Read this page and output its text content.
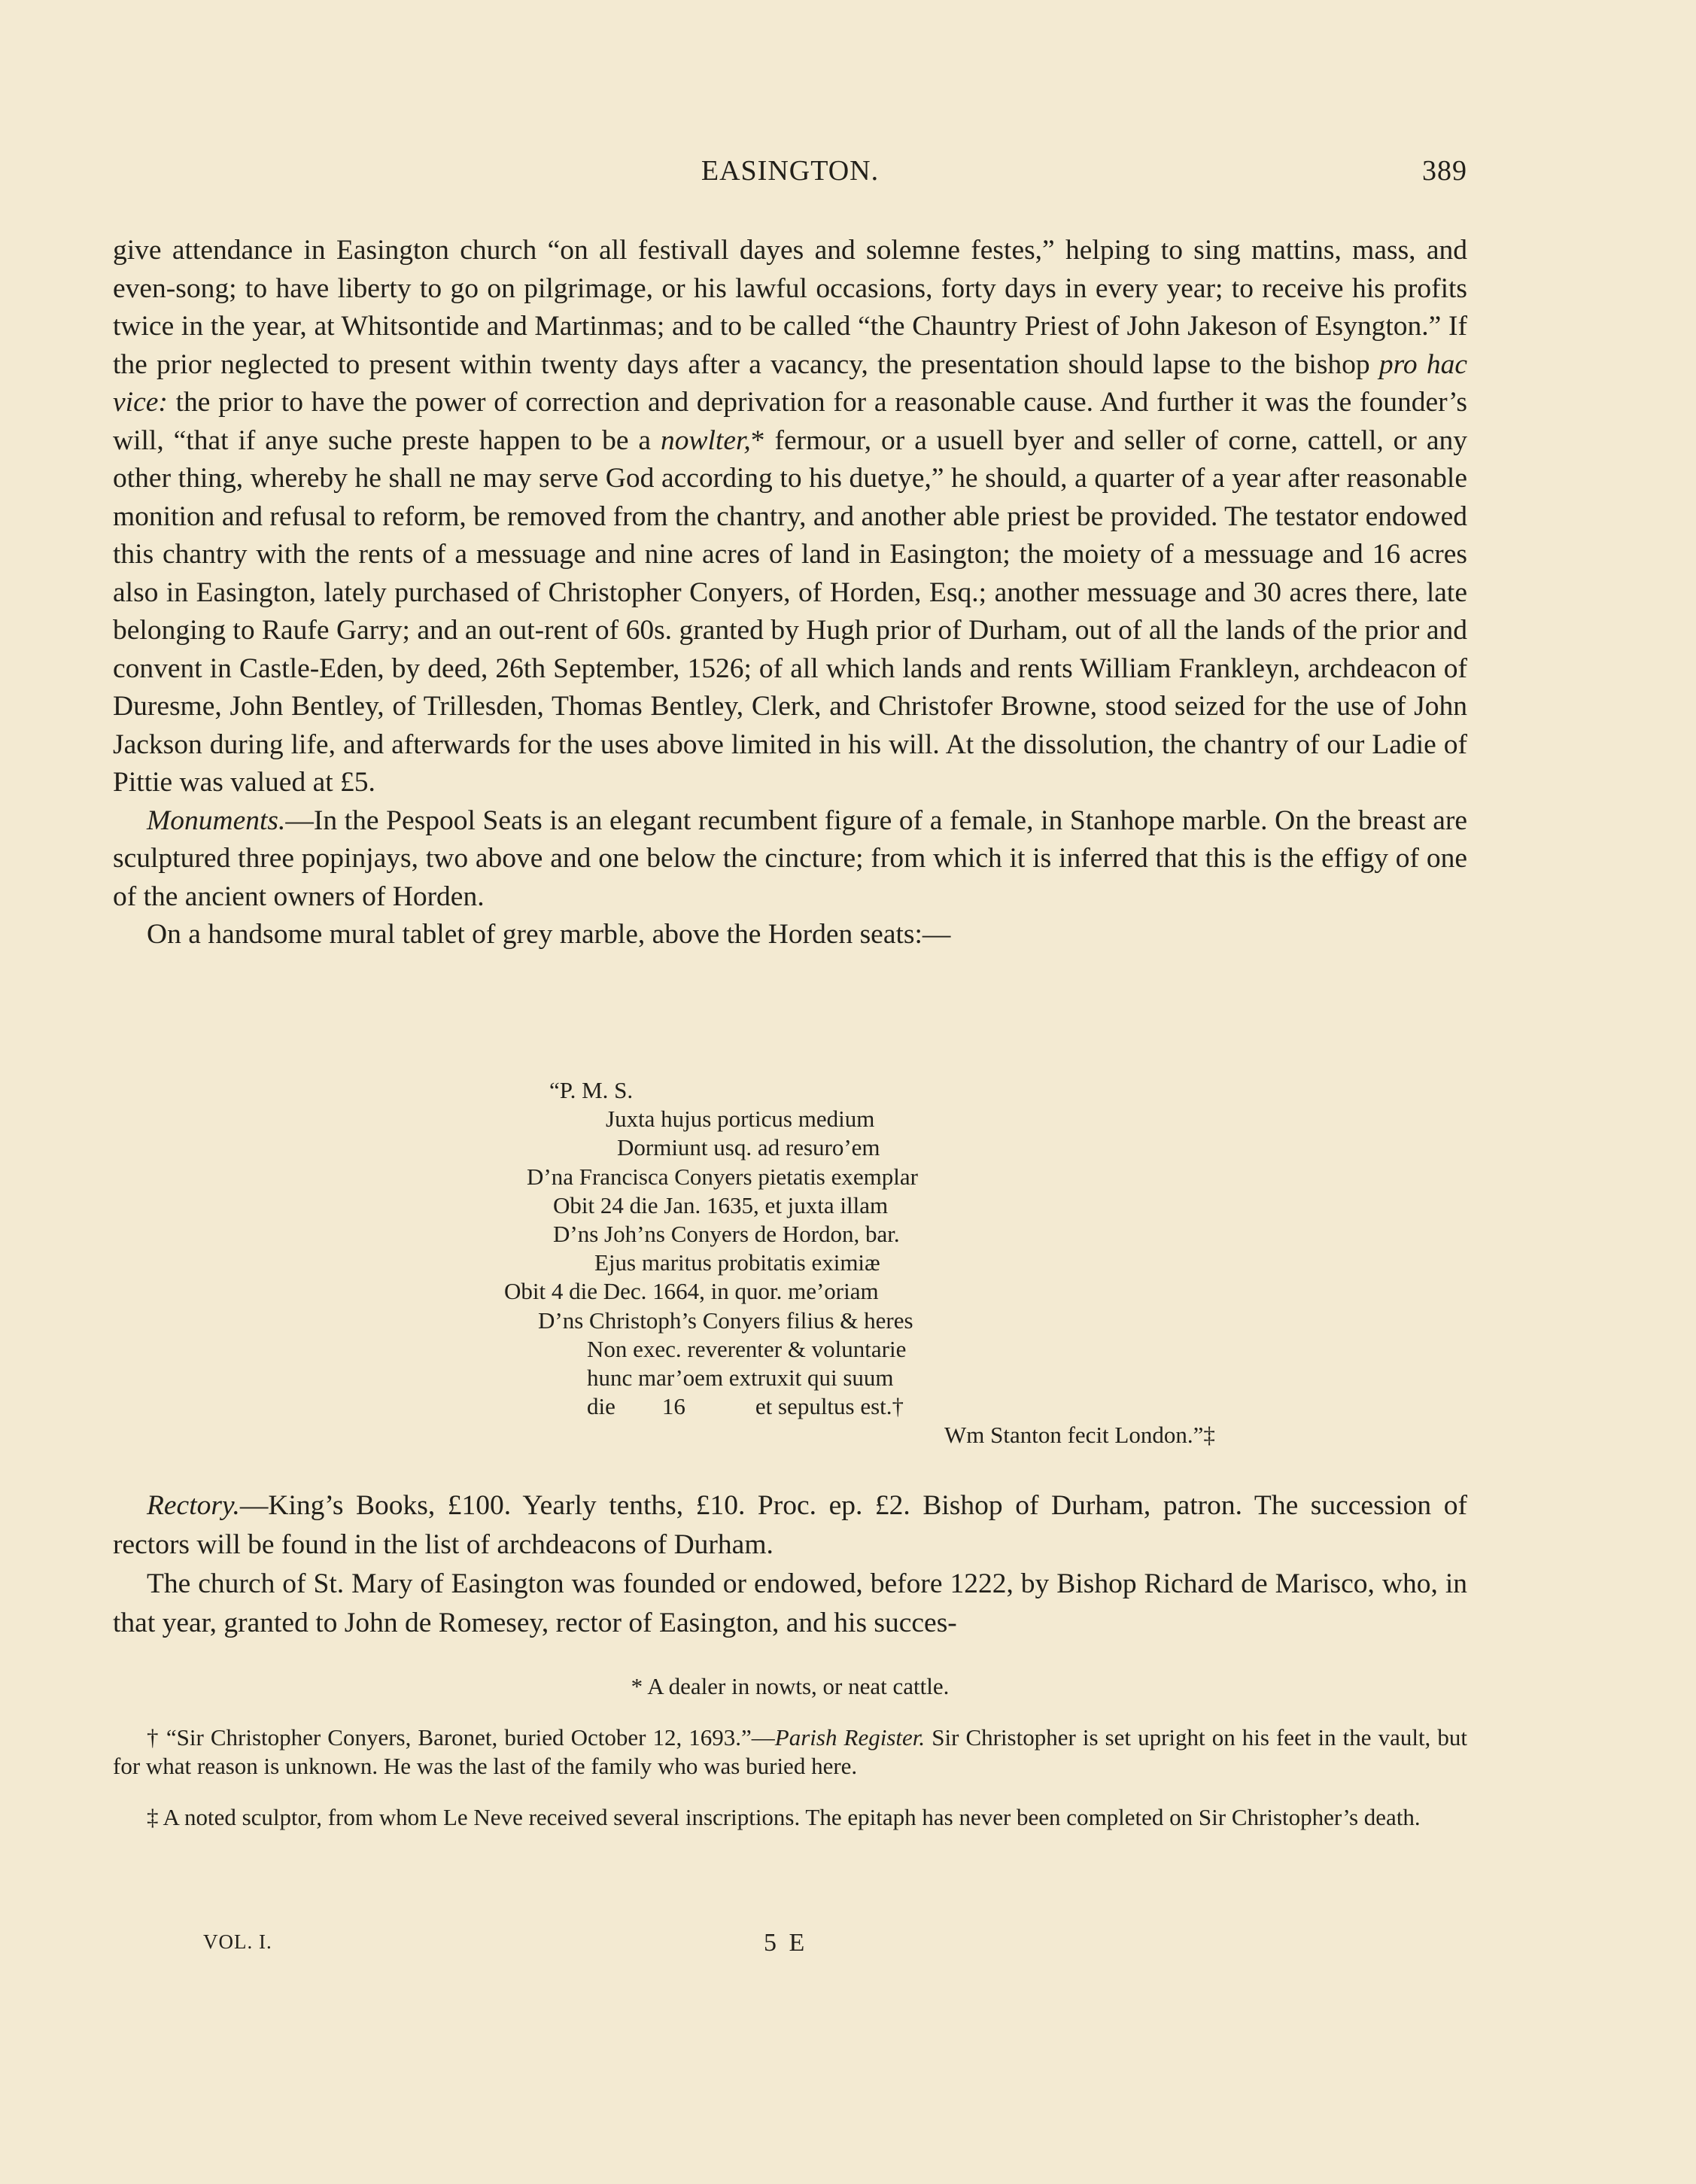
EASINGTON.	389

give attendance in Easington church “on all festivall dayes and solemne festes,” helping to sing mattins, mass, and even-song; to have liberty to go on pilgrimage, or his lawful occasions, forty days in every year; to receive his profits twice in the year, at Whitsontide and Martinmas; and to be called “the Chauntry Priest of John Jakeson of Esyngton.” If the prior neglected to present within twenty days after a vacancy, the presentation should lapse to the bishop pro hac vice: the prior to have the power of correction and deprivation for a reasonable cause. And further it was the founder’s will, “that if anye suche preste happen to be a nowlter,* fermour, or a usuell byer and seller of corne, cattell, or any other thing, whereby he shall ne may serve God according to his duetye,” he should, a quarter of a year after reasonable monition and refusal to reform, be removed from the chantry, and another able priest be provided. The testator endowed this chantry with the rents of a messuage and nine acres of land in Easington; the moiety of a messuage and 16 acres also in Easington, lately purchased of Christopher Conyers, of Horden, Esq.; another messuage and 30 acres there, late belonging to Raufe Garry; and an out-rent of 60s. granted by Hugh prior of Durham, out of all the lands of the prior and convent in Castle-Eden, by deed, 26th September, 1526; of all which lands and rents William Frankleyn, archdeacon of Duresme, John Bentley, of Trillesden, Thomas Bentley, Clerk, and Christofer Browne, stood seized for the use of John Jackson during life, and afterwards for the uses above limited in his will. At the dissolution, the chantry of our Ladie of Pittie was valued at £5.

Monuments.—In the Pespool Seats is an elegant recumbent figure of a female, in Stanhope marble. On the breast are sculptured three popinjays, two above and one below the cincture; from which it is inferred that this is the effigy of one of the ancient owners of Horden.

On a handsome mural tablet of grey marble, above the Horden seats:—

“P. M. S.
Juxta hujus porticus medium
Dormiunt usq. ad resuro’em
D’na Francisca Conyers pietatis exemplar
Obit 24 die Jan. 1635, et juxta illam
D’ns Joh’ns Conyers de Hordon, bar.
Ejus maritus probitatis eximiæ
Obit 4 die Dec. 1664, in quor. me’oriam
D’ns Christoph’s Conyers filius & heres
Non exec. reverenter & voluntarie
hunc mar’oem extruxit qui suum
die        16            et sepultus est.†
Wm Stanton fecit London.”‡

Rectory.—King’s Books, £100. Yearly tenths, £10. Proc. ep. £2. Bishop of Durham, patron. The succession of rectors will be found in the list of archdeacons of Durham.

The church of St. Mary of Easington was founded or endowed, before 1222, by Bishop Richard de Marisco, who, in that year, granted to John de Romesey, rector of Easington, and his succes-

* A dealer in nowts, or neat cattle.

† “Sir Christopher Conyers, Baronet, buried October 12, 1693.”—Parish Register. Sir Christopher is set upright on his feet in the vault, but for what reason is unknown. He was the last of the family who was buried here.

‡ A noted sculptor, from whom Le Neve received several inscriptions. The epitaph has never been completed on Sir Christopher’s death.

VOL. I.	5 E
